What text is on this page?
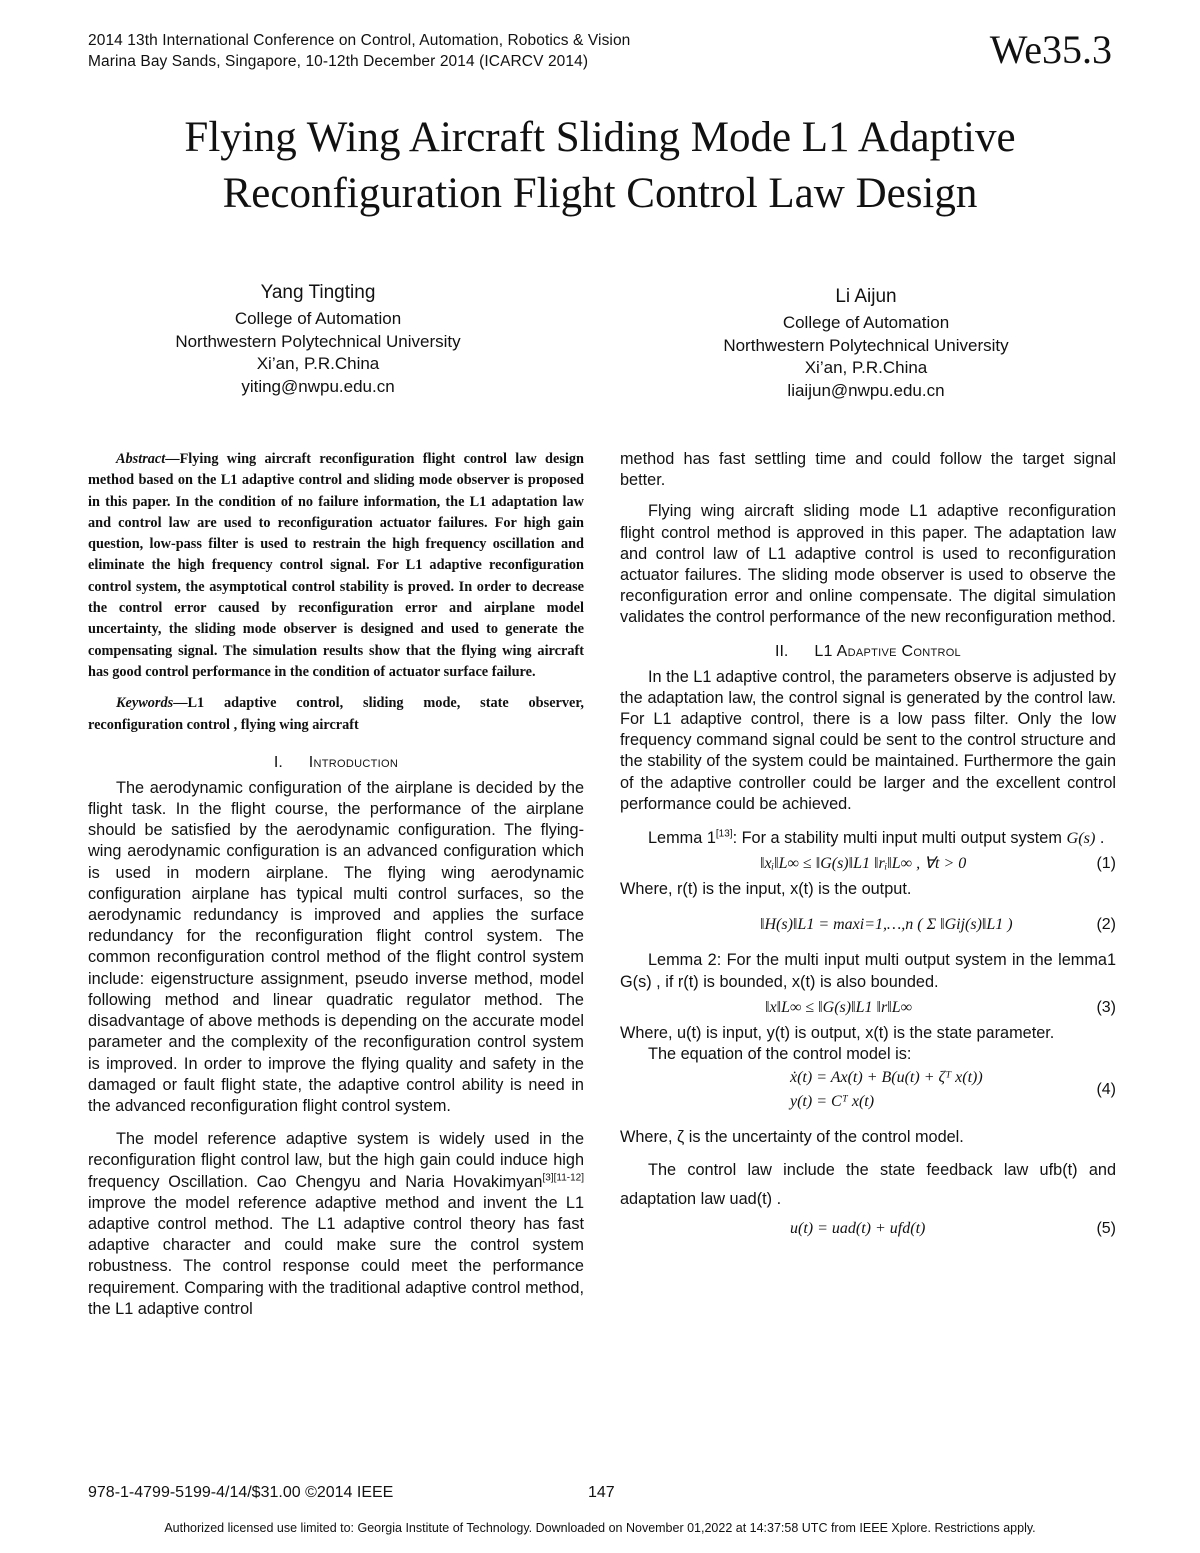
2014 13th International Conference on Control, Automation, Robotics & Vision
Marina Bay Sands, Singapore, 10-12th December 2014 (ICARCV 2014)	We35.3
Flying Wing Aircraft Sliding Mode L1 Adaptive
Reconfiguration Flight Control Law Design
Yang Tingting
College of Automation
Northwestern Polytechnical University
Xi’an, P.R.China
yiting@nwpu.edu.cn
Li Aijun
College of Automation
Northwestern Polytechnical University
Xi’an, P.R.China
liaijun@nwpu.edu.cn

Abstract—Flying wing aircraft reconfiguration flight control law design method based on the L1 adaptive control and sliding mode observer is proposed in this paper. In the condition of no failure information, the L1 adaptation law and control law are used to reconfiguration actuator failures. For high gain question, low-pass filter is used to restrain the high frequency oscillation and eliminate the high frequency control signal. For L1 adaptive reconfiguration control system, the asymptotical control stability is proved. In order to decrease the control error caused by reconfiguration error and airplane model uncertainty, the sliding mode observer is designed and used to generate the compensating signal. The simulation results show that the flying wing aircraft has good control performance in the condition of actuator surface failure.

Keywords—L1 adaptive control, sliding mode, state observer, reconfiguration control , flying wing aircraft

I. Introduction

The aerodynamic configuration of the airplane is decided by the flight task. In the flight course, the performance of the airplane should be satisfied by the aerodynamic configuration. The flying-wing aerodynamic configuration is an advanced configuration which is used in modern airplane. The flying wing aerodynamic configuration airplane has typical multi control surfaces, so the aerodynamic redundancy is improved and applies the surface redundancy for the reconfiguration flight control system. The common reconfiguration control method of the flight control system include: eigenstructure assignment, pseudo inverse method, model following method and linear quadratic regulator method. The disadvantage of above methods is depending on the accurate model parameter and the complexity of the reconfiguration control system is improved. In order to improve the flying quality and safety in the damaged or fault flight state, the adaptive control ability is need in the advanced reconfiguration flight control system.

The model reference adaptive system is widely used in the reconfiguration flight control law, but the high gain could induce high frequency Oscillation. Cao Chengyu and Naria Hovakimyan[3][11-12] improve the model reference adaptive method and invent the L1 adaptive control method. The L1 adaptive control theory has fast adaptive character and could make sure the control system robustness. The control response could meet the performance requirement. Comparing with the traditional adaptive control method, the L1 adaptive control

method has fast settling time and could follow the target signal better.

Flying wing aircraft sliding mode L1 adaptive reconfiguration flight control method is approved in this paper. The adaptation law and control law of L1 adaptive control is used to reconfiguration actuator failures. The sliding mode observer is used to observe the reconfiguration error and online compensate. The digital simulation validates the control performance of the new reconfiguration method.

II. L1 Adaptive Control

In the L1 adaptive control, the parameters observe is adjusted by the adaptation law, the control signal is generated by the control law. For L1 adaptive control, there is a low pass filter. Only the low frequency command signal could be sent to the control structure and the stability of the system could be maintained. Furthermore the gain of the adaptive controller could be larger and the excellent control performance could be achieved.

Lemma 1[13]: For a stability multi input multi output system G(s) .

‖xᵢ‖L∞ ≤ ‖G(s)‖L1 ‖rᵢ‖L∞ , ∀t > 0	(1)

Where, r(t) is the input, x(t) is the output.

‖H(s)‖L1 = maxi=1,…,n ( Σ ‖Gij(s)‖L1 )	(2)

Lemma 2: For the multi input multi output system in the lemma1 G(s) , if r(t) is bounded, x(t) is also bounded.

‖x‖L∞ ≤ ‖G(s)‖L1 ‖r‖L∞	(3)

Where, u(t) is input, y(t) is output, x(t) is the state parameter.

The equation of the control model is:

ẋ(t) = Ax(t) + B(u(t) + ζᵀ x(t))
y(t) = Cᵀ x(t)
(4)

Where, ζ is the uncertainty of the control model.

The control law include the state feedback law ufb(t) and adaptation law uad(t) .

u(t) = uad(t) + ufd(t)	(5)
978-1-4799-5199-4/14/$31.00 ©2014 IEEE	147
Authorized licensed use limited to: Georgia Institute of Technology. Downloaded on November 01,2022 at 14:37:58 UTC from IEEE Xplore. Restrictions apply.
